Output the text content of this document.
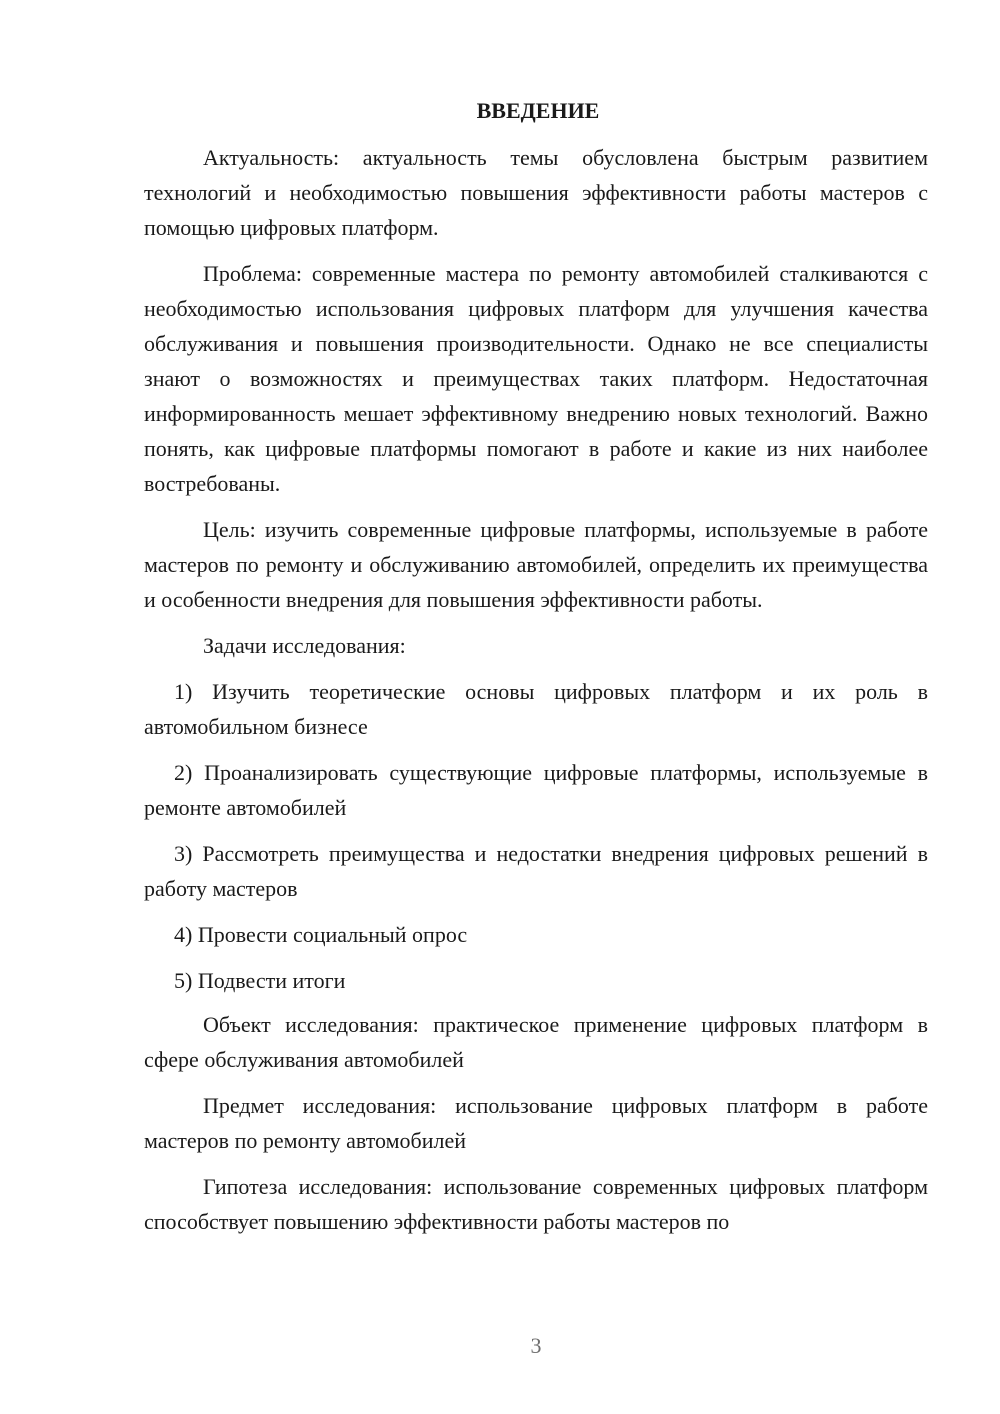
ВВЕДЕНИЕ

Актуальность: актуальность темы обусловлена быстрым развитием технологий и необходимостью повышения эффективности работы мастеров с помощью цифровых платформ.

Проблема: современные мастера по ремонту автомобилей сталкиваются с необходимостью использования цифровых платформ для улучшения качества обслуживания и повышения производительности. Однако не все специалисты знают о возможностях и преимуществах таких платформ. Недостаточная информированность мешает эффективному внедрению новых технологий. Важно понять, как цифровые платформы помогают в работе и какие из них наиболее востребованы.

Цель: изучить современные цифровые платформы, используемые в работе мастеров по ремонту и обслуживанию автомобилей, определить их преимущества и особенности внедрения для повышения эффективности работы.

Задачи исследования:

1) Изучить теоретические основы цифровых платформ и их роль в автомобильном бизнесе

2) Проанализировать существующие цифровые платформы, используемые в ремонте автомобилей

3) Рассмотреть преимущества и недостатки внедрения цифровых решений в работу мастеров

4) Провести социальный опрос

5) Подвести итоги

Объект исследования: практическое применение цифровых платформ в сфере обслуживания автомобилей

Предмет исследования: использование цифровых платформ в работе мастеров по ремонту автомобилей

Гипотеза исследования: использование современных цифровых платформ способствует повышению эффективности работы мастеров по

3
